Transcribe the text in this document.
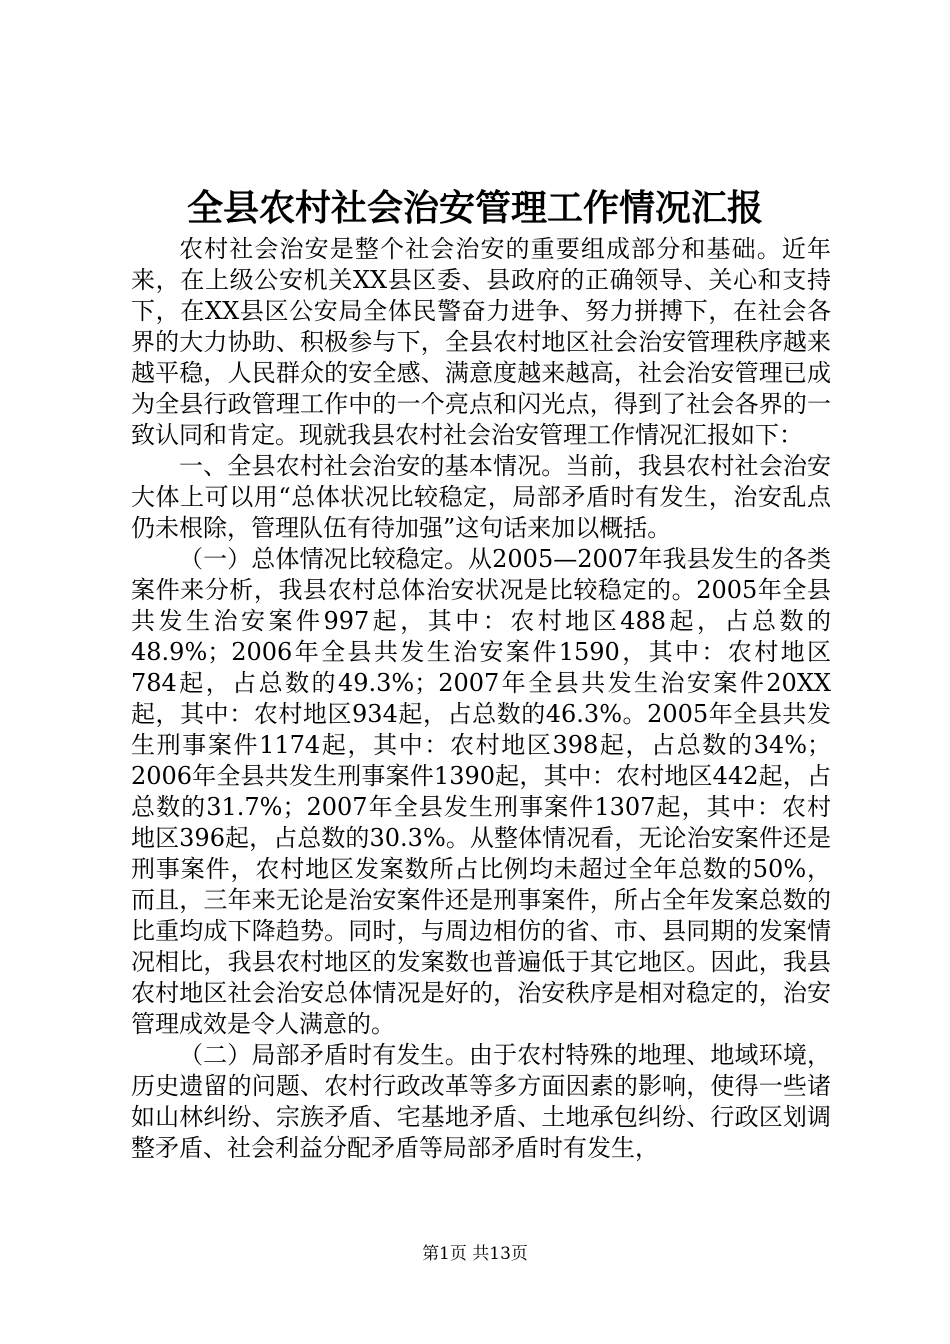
全县农村社会治安管理工作情况汇报

农村社会治安是整个社会治安的重要组成部分和基础。近年来，在上级公安机关XX县区委、县政府的正确领导、关心和支持下，在XX县区公安局全体民警奋力进争、努力拼搏下，在社会各界的大力协助、积极参与下，全县农村地区社会治安管理秩序越来越平稳，人民群众的安全感、满意度越来越高，社会治安管理已成为全县行政管理工作中的一个亮点和闪光点，得到了社会各界的一致认同和肯定。现就我县农村社会治安管理工作情况汇报如下：

一、全县农村社会治安的基本情况。当前，我县农村社会治安大体上可以用“总体状况比较稳定，局部矛盾时有发生，治安乱点仍未根除，管理队伍有待加强”这句话来加以概括。

（一）总体情况比较稳定。从2005—2007年我县发生的各类案件来分析，我县农村总体治安状况是比较稳定的。2005年全县共发生治安案件997起，其中：农村地区488起，占总数的48.9%；2006年全县共发生治安案件1590，其中：农村地区784起，占总数的49.3%；2007年全县共发生治安案件20XX起，其中：农村地区934起，占总数的46.3%。2005年全县共发生刑事案件1174起，其中：农村地区398起，占总数的34%；2006年全县共发生刑事案件1390起，其中：农村地区442起，占总数的31.7%；2007年全县发生刑事案件1307起，其中：农村地区396起，占总数的30.3%。从整体情况看，无论治安案件还是刑事案件，农村地区发案数所占比例均未超过全年总数的50%，而且，三年来无论是治安案件还是刑事案件，所占全年发案总数的比重均成下降趋势。同时，与周边相仿的省、市、县同期的发案情况相比，我县农村地区的发案数也普遍低于其它地区。因此，我县农村地区社会治安总体情况是好的，治安秩序是相对稳定的，治安管理成效是令人满意的。

（二）局部矛盾时有发生。由于农村特殊的地理、地域环境，历史遗留的问题、农村行政改革等多方面因素的影响，使得一些诸如山林纠纷、宗族矛盾、宅基地矛盾、土地承包纠纷、行政区划调整矛盾、社会利益分配矛盾等局部矛盾时有发生，

第1页 共13页
